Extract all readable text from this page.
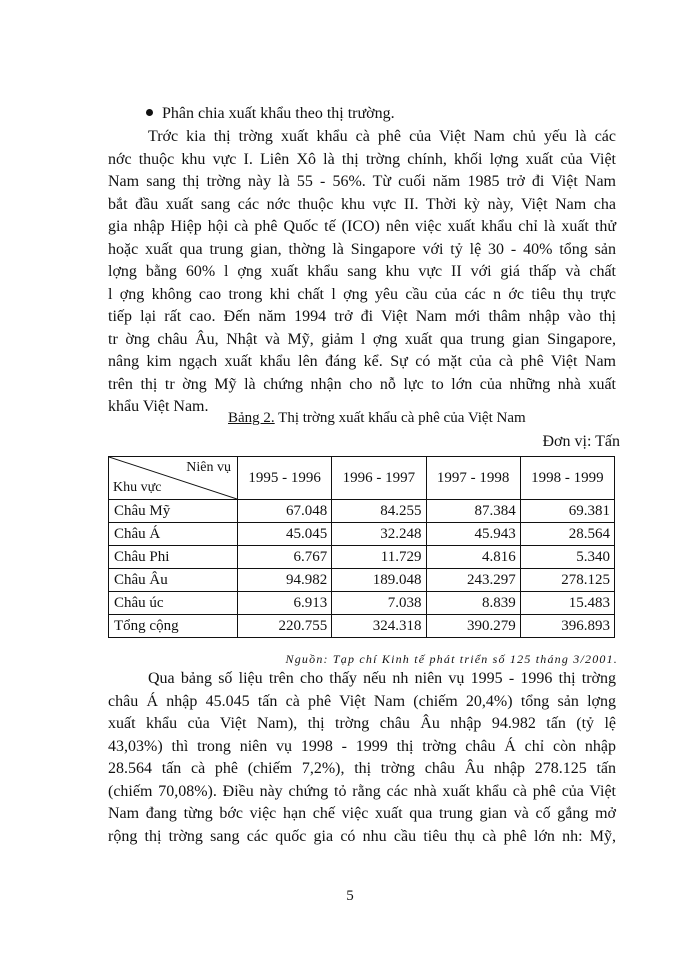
Phân chia xuất khẩu theo thị trường.

Trớc kia thị trờng xuất khẩu cà phê của Việt Nam chủ yếu là các
nớc thuộc khu vực I. Liên Xô là thị trờng chính, khối lợng xuất của Việt
Nam sang thị trờng này là 55 - 56%. Từ cuối năm 1985 trở đi Việt Nam
bắt đầu xuất sang các nớc thuộc khu vực II. Thời kỳ này, Việt Nam cha
gia nhập Hiệp hội cà phê Quốc tế (ICO) nên việc xuất khẩu chỉ là xuất thử
hoặc xuất qua trung gian, thờng là Singapore với tỷ lệ 30 - 40% tổng sản
lợng bằng 60% l ợng xuất khẩu sang khu vực II với giá thấp và chất
l ợng không cao trong khi chất l ợng yêu cầu của các n ớc tiêu thụ trực
tiếp lại rất cao. Đến năm 1994 trở đi Việt Nam mới thâm nhập vào thị
tr ờng châu Âu, Nhật và Mỹ, giảm l ợng xuất qua trung gian Singapore,
nâng kim ngạch xuất khẩu lên đáng kể. Sự có mặt của cà phê Việt Nam
trên thị tr ờng Mỹ là chứng nhận cho nỗ lực to lớn của những nhà xuất
khẩu Việt Nam.

Bảng 2. Thị trờng xuất khẩu cà phê của Việt Nam
Đơn vị: Tấn
Niên vụ
Khu vực	1995 - 1996	1996 - 1997	1997 - 1998	1998 - 1999
Châu Mỹ	67.048	84.255	87.384	69.381
Châu Á	45.045	32.248	45.943	28.564
Châu Phi	6.767	11.729	4.816	5.340
Châu Âu	94.982	189.048	243.297	278.125
Châu úc	6.913	7.038	8.839	15.483
Tổng cộng	220.755	324.318	390.279	396.893
Nguồn: Tạp chí Kinh tế phát triển số 125 tháng 3/2001.

Qua bảng số liệu trên cho thấy nếu nh niên vụ 1995 - 1996 thị trờng
châu Á nhập 45.045 tấn cà phê Việt Nam (chiếm 20,4%) tổng sản lợng
xuất khẩu của Việt Nam), thị trờng châu Âu nhập 94.982 tấn (tỷ lệ
43,03%) thì trong niên vụ 1998 - 1999 thị trờng châu Á chỉ còn nhập
28.564 tấn cà phê (chiếm 7,2%), thị trờng châu Âu nhập 278.125 tấn
(chiếm 70,08%). Điều này chứng tỏ rằng các nhà xuất khẩu cà phê của Việt
Nam đang từng bớc việc hạn chế việc xuất qua trung gian và cố gắng mở
rộng thị trờng sang các quốc gia có nhu cầu tiêu thụ cà phê lớn nh: Mỹ,

5
